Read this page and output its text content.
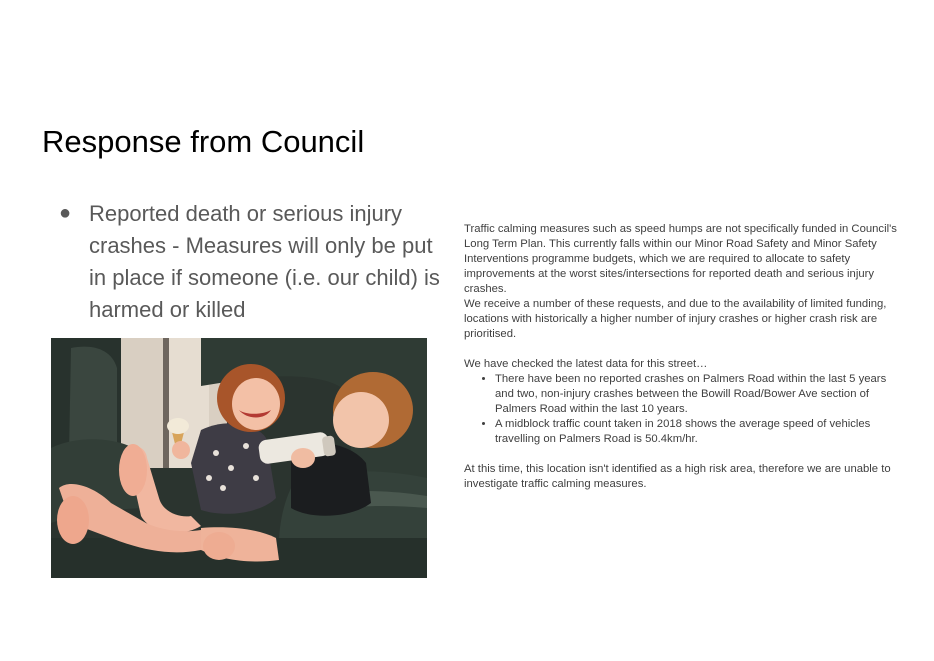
Response from Council
● Reported death or serious injury crashes - Measures will only be put in place if someone (i.e. our child) is harmed or killed

Traffic calming measures such as speed humps are not specifically funded in Council's Long Term Plan. This currently falls within our Minor Road Safety and Minor Safety Interventions programme budgets, which we are required to allocate to safety improvements at the worst sites/intersections for reported death and serious injury crashes.

We receive a number of these requests, and due to the availability of limited funding, locations with historically a higher number of injury crashes or higher crash risk are prioritised.

We have checked the latest data for this street…

• There have been no reported crashes on Palmers Road within the last 5 years and two, non-injury crashes between the Bowill Road/Bower Ave section of Palmers Road within the last 10 years.
• A midblock traffic count taken in 2018 shows the average speed of vehicles travelling on Palmers Road is 50.4km/hr.

At this time, this location isn't identified as a high risk area, therefore we are unable to investigate traffic calming measures.
